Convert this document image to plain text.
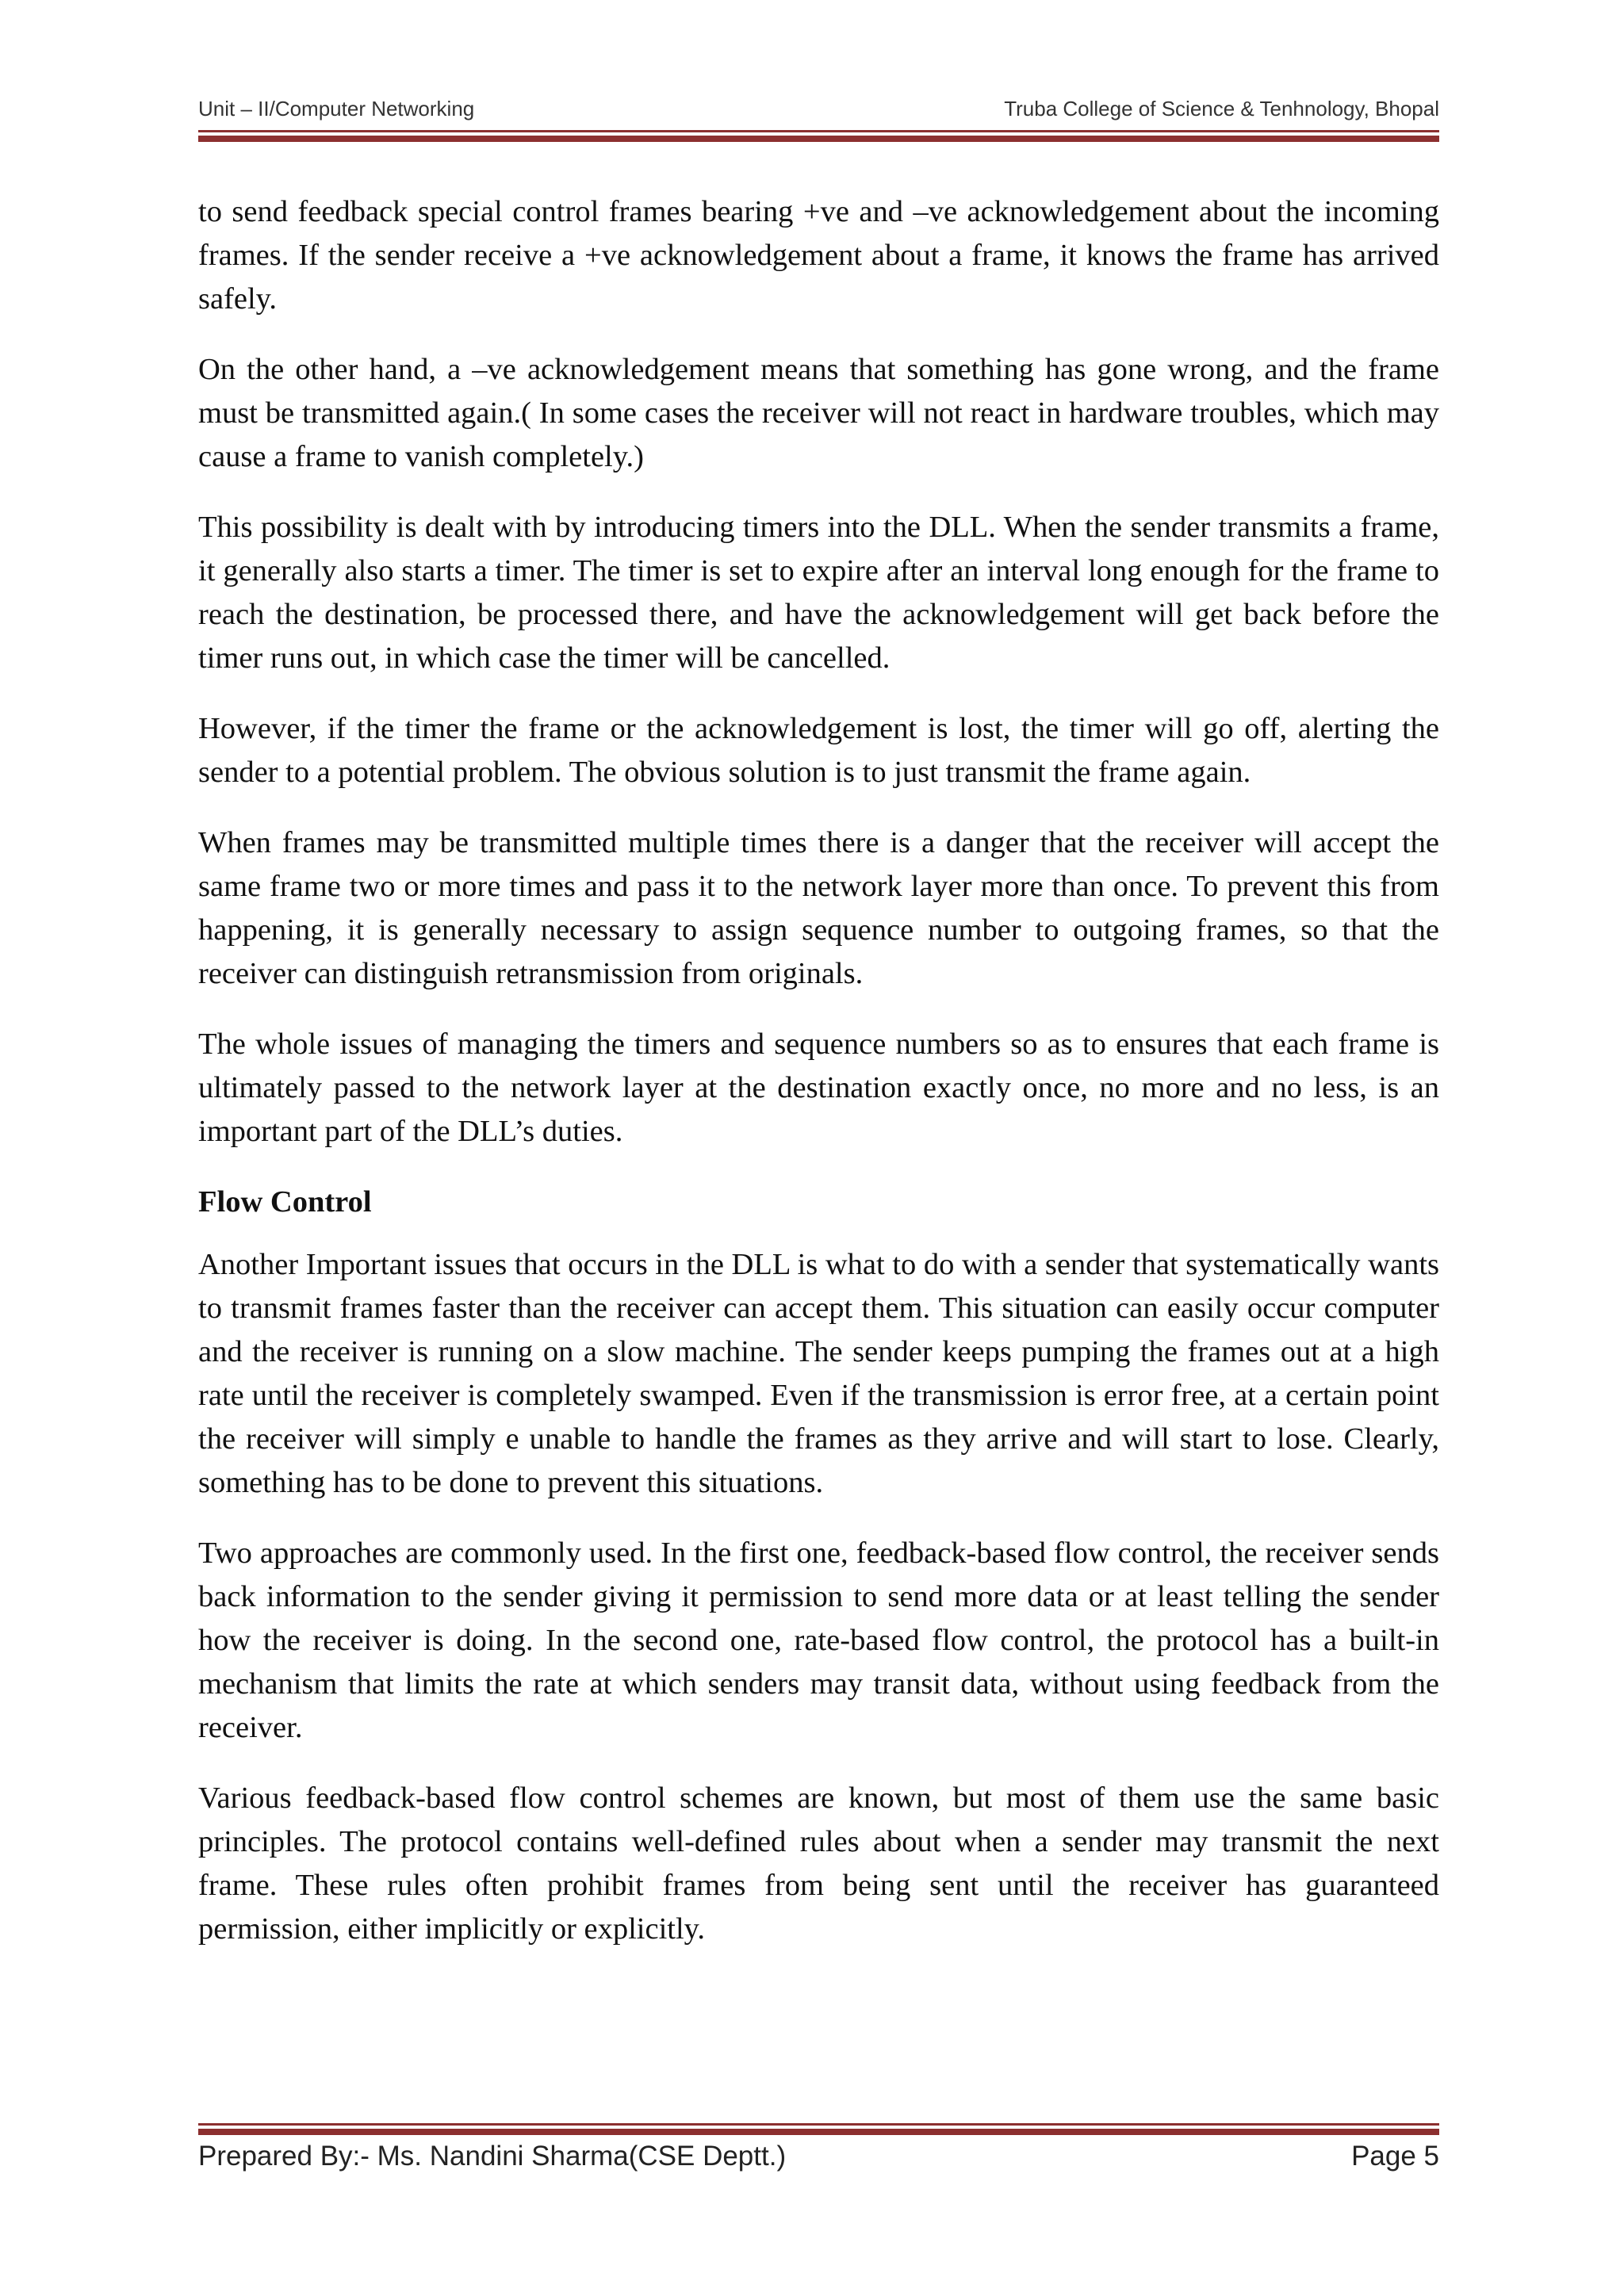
Unit – II/Computer Networking	Truba College of Science & Tenhnology, Bhopal

to send feedback special control frames bearing +ve and –ve acknowledgement about the incoming frames. If the sender receive a +ve acknowledgement about a frame, it knows the frame has arrived safely.

On the other hand, a –ve acknowledgement means that something has gone wrong, and the frame must be transmitted again.( In some cases the receiver will not react in hardware troubles, which may cause a frame to vanish completely.)

This possibility is dealt with by introducing timers into the DLL. When the sender transmits a frame, it generally also starts a timer. The timer is set to expire after an interval long enough for the frame to reach the destination, be processed there, and have the acknowledgement will get back before the timer runs out, in which case the timer will be cancelled.

However, if the timer the frame or the acknowledgement is lost, the timer will go off, alerting the sender to a potential problem. The obvious solution is to just transmit the frame again.

When frames may be transmitted multiple times there is a danger that the receiver will accept the same frame two or more times and pass it to the network layer more than once. To prevent this from happening, it is generally necessary to assign sequence number to outgoing frames, so that the receiver can distinguish retransmission from originals.

The whole issues of managing the timers and sequence numbers so as to ensures that each frame is ultimately passed to the network layer at the destination exactly once, no more and no less, is an important part of the DLL’s duties.

Flow Control

Another Important issues that occurs in the DLL is what to do with a sender that systematically wants to transmit frames faster than the receiver can accept them. This situation can easily occur computer and the receiver is running on a slow machine. The sender keeps pumping the frames out at a high rate until the receiver is completely swamped. Even if the transmission is error free, at a certain point the receiver will simply e unable to handle the frames as they arrive and will start to lose. Clearly, something has to be done to prevent this situations.

Two approaches are commonly used. In the first one, feedback-based flow control, the receiver sends back information to the sender giving it permission to send more data or at least telling the sender how the receiver is doing. In the second one, rate-based flow control, the protocol has a built-in mechanism that limits the rate at which senders may transit data, without using feedback from the receiver.

Various feedback-based flow control schemes are known, but most of them use the same basic principles. The protocol contains well-defined rules about when a sender may transmit the next frame. These rules often prohibit frames from being sent until the receiver has guaranteed permission, either implicitly or explicitly.

Prepared By:- Ms. Nandini Sharma(CSE Deptt.)	Page 5
